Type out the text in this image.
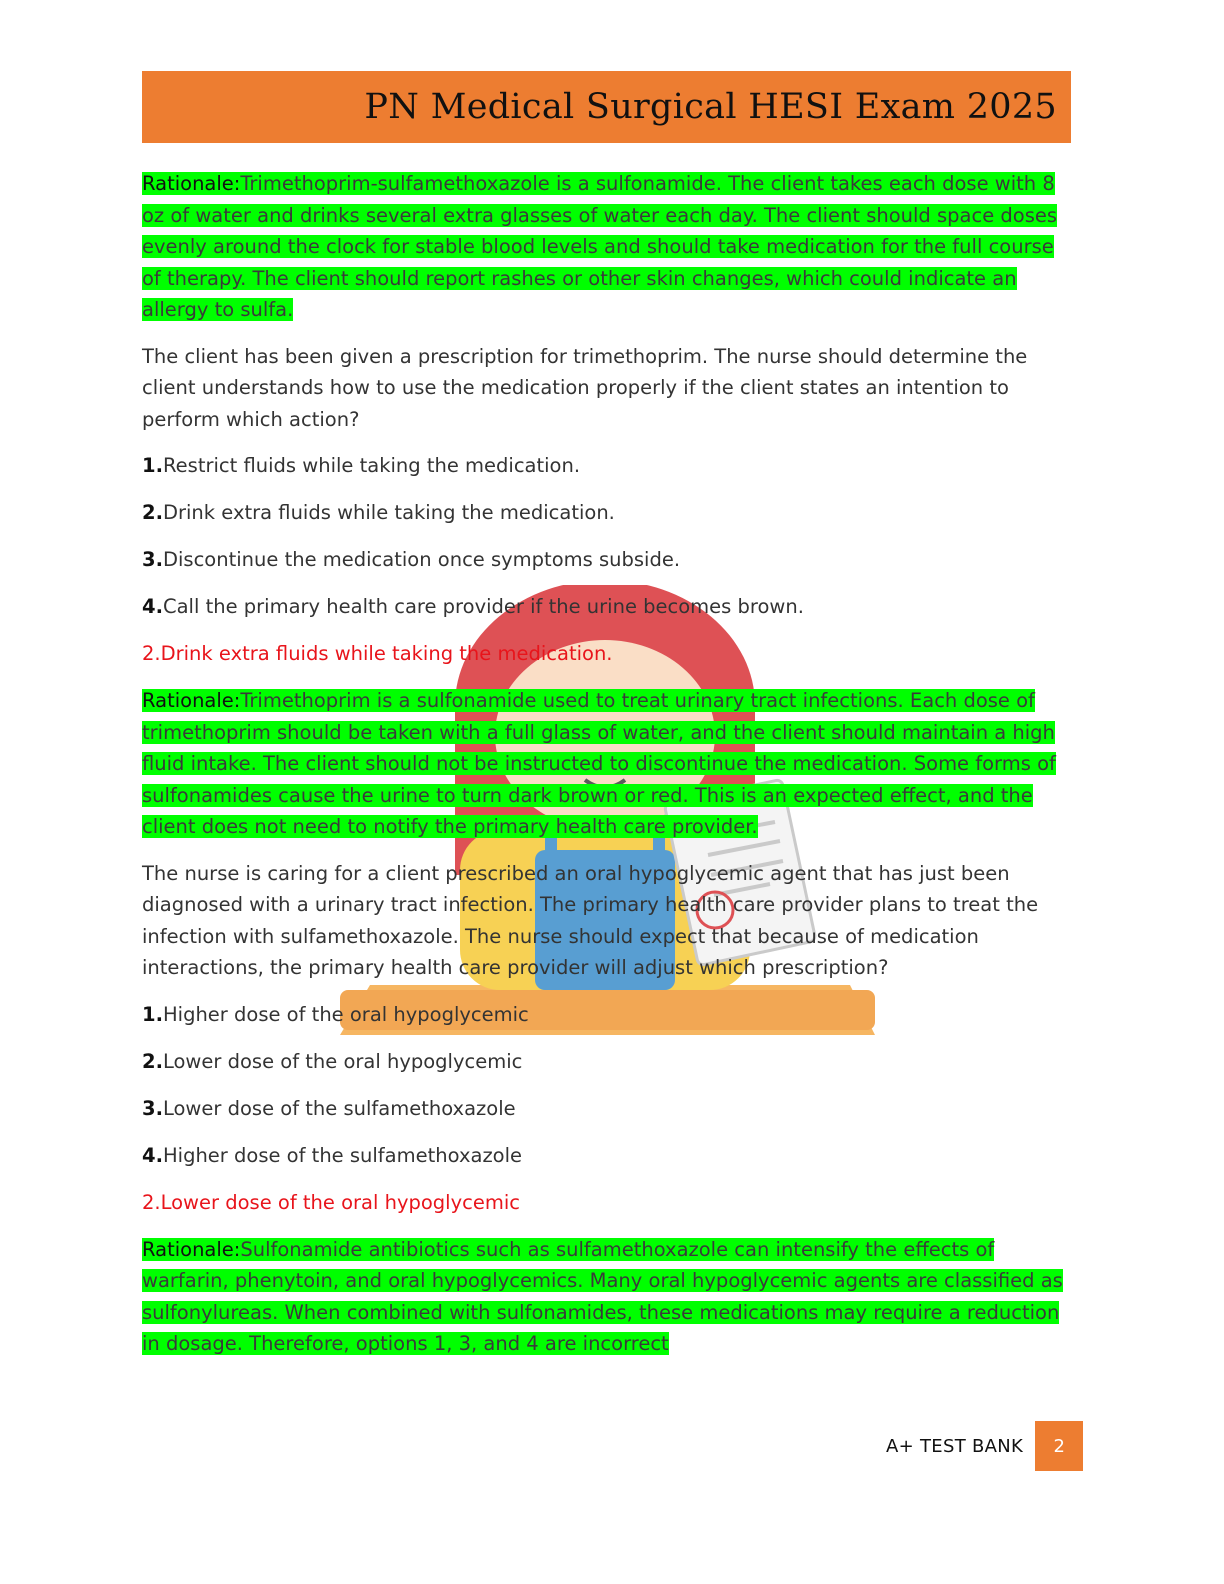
PN Medical Surgical HESI Exam 2025

Rationale:Trimethoprim-sulfamethoxazole is a sulfonamide. The client takes each dose with 8 oz of water and drinks several extra glasses of water each day. The client should space doses evenly around the clock for stable blood levels and should take medication for the full course of therapy. The client should report rashes or other skin changes, which could indicate an allergy to sulfa.

The client has been given a prescription for trimethoprim. The nurse should determine the client understands how to use the medication properly if the client states an intention to perform which action?

1.Restrict fluids while taking the medication.

2.Drink extra fluids while taking the medication.

3.Discontinue the medication once symptoms subside.

4.Call the primary health care provider if the urine becomes brown.

2.Drink extra fluids while taking the medication.

Rationale:Trimethoprim is a sulfonamide used to treat urinary tract infections. Each dose of trimethoprim should be taken with a full glass of water, and the client should maintain a high fluid intake. The client should not be instructed to discontinue the medication. Some forms of sulfonamides cause the urine to turn dark brown or red. This is an expected effect, and the client does not need to notify the primary health care provider.

The nurse is caring for a client prescribed an oral hypoglycemic agent that has just been diagnosed with a urinary tract infection. The primary health care provider plans to treat the infection with sulfamethoxazole. The nurse should expect that because of medication interactions, the primary health care provider will adjust which prescription?

1.Higher dose of the oral hypoglycemic

2.Lower dose of the oral hypoglycemic

3.Lower dose of the sulfamethoxazole

4.Higher dose of the sulfamethoxazole

2.Lower dose of the oral hypoglycemic

Rationale:Sulfonamide antibiotics such as sulfamethoxazole can intensify the effects of warfarin, phenytoin, and oral hypoglycemics. Many oral hypoglycemic agents are classified as sulfonylureas. When combined with sulfonamides, these medications may require a reduction in dosage. Therefore, options 1, 3, and 4 are incorrect

A+ TEST BANK	2
